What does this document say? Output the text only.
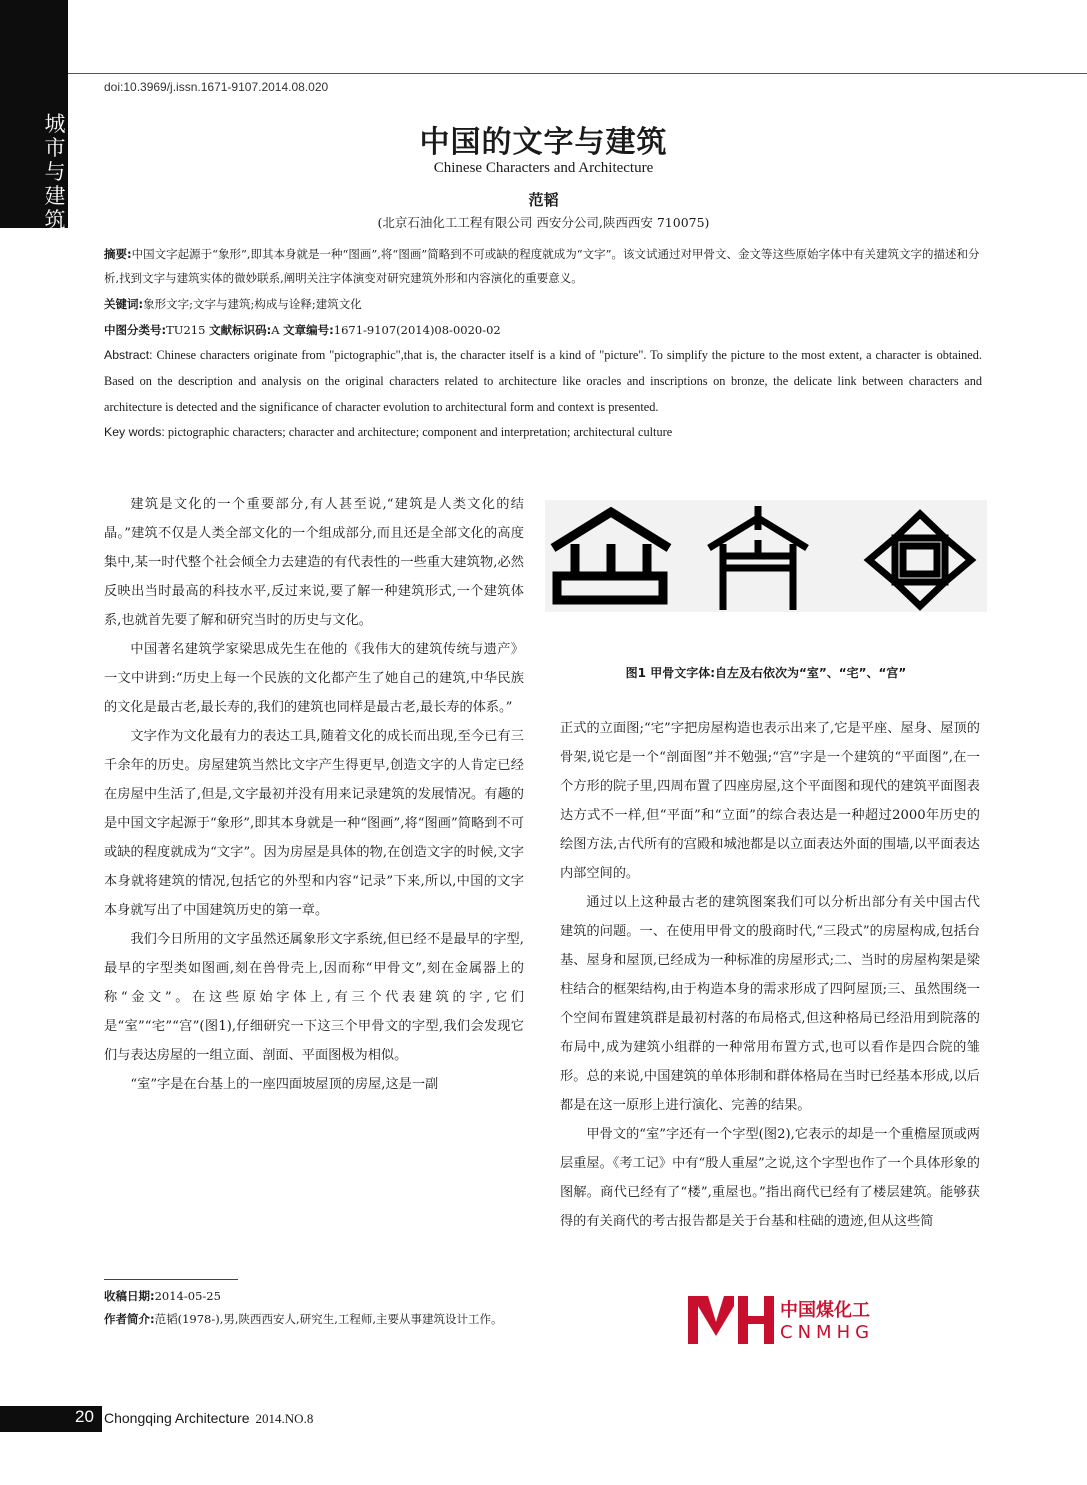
城市与建筑
doi:10.3969/j.issn.1671-9107.2014.08.020
中国的文字与建筑
Chinese Characters and Architecture
范韬
(北京石油化工工程有限公司 西安分公司,陕西西安 710075)
摘要:中国文字起源于“象形”,即其本身就是一种“图画”,将“图画”简略到不可或缺的程度就成为“文字”。该文试通过对甲骨文、金文等这些原始字体中有关建筑文字的描述和分析,找到文字与建筑实体的微妙联系,阐明关注字体演变对研究建筑外形和内容演化的重要意义。
关键词:象形文字;文字与建筑;构成与诠释;建筑文化
中图分类号:TU215 文献标识码:A 文章编号:1671-9107(2014)08-0020-02
Abstract: Chinese characters originate from "pictographic",that is, the character itself is a kind of "picture". To simplify the picture to the most extent, a character is obtained. Based on the description and analysis on the original characters related to architecture like oracles and inscriptions on bronze, the delicate link between characters and architecture is detected and the significance of character evolution to architectural form and context is presented.
Key words: pictographic characters; character and architecture; component and interpretation; architectural culture

建筑是文化的一个重要部分,有人甚至说,“建筑是人类文化的结晶。”建筑不仅是人类全部文化的一个组成部分,而且还是全部文化的高度集中,某一时代整个社会倾全力去建造的有代表性的一些重大建筑物,必然反映出当时最高的科技水平,反过来说,要了解一种建筑形式,一个建筑体系,也就首先要了解和研究当时的历史与文化。

中国著名建筑学家梁思成先生在他的《我伟大的建筑传统与遗产》一文中讲到:“历史上每一个民族的文化都产生了她自己的建筑,中华民族的文化是最古老,最长寿的,我们的建筑也同样是最古老,最长寿的体系。”

文字作为文化最有力的表达工具,随着文化的成长而出现,至今已有三千余年的历史。房屋建筑当然比文字产生得更早,创造文字的人肯定已经在房屋中生活了,但是,文字最初并没有用来记录建筑的发展情况。有趣的是中国文字起源于“象形”,即其本身就是一种“图画”,将“图画”简略到不可或缺的程度就成为“文字”。因为房屋是具体的物,在创造文字的时候,文字本身就将建筑的情况,包括它的外型和内容“记录”下来,所以,中国的文字本身就写出了中国建筑历史的第一章。

我们今日所用的文字虽然还属象形文字系统,但已经不是最早的字型,最早的字型类如图画,刻在兽骨壳上,因而称“甲骨文”,刻在金属器上的称“金文”。在这些原始字体上,有三个代表建筑的字,它们是“室”“宅”“宫”(图1),仔细研究一下这三个甲骨文的字型,我们会发现它们与表达房屋的一组立面、剖面、平面图极为相似。

“室”字是在台基上的一座四面坡屋顶的房屋,这是一副

图1 甲骨文字体:自左及右依次为“室”、“宅”、“宫”

正式的立面图;“宅”字把房屋构造也表示出来了,它是平座、屋身、屋顶的骨架,说它是一个“剖面图”并不勉强;“宫”字是一个建筑的“平面图”,在一个方形的院子里,四周布置了四座房屋,这个平面图和现代的建筑平面图表达方式不一样,但“平面”和“立面”的综合表达是一种超过2000年历史的绘图方法,古代所有的宫殿和城池都是以立面表达外面的围墙,以平面表达内部空间的。

通过以上这种最古老的建筑图案我们可以分析出部分有关中国古代建筑的问题。一、在使用甲骨文的殷商时代,“三段式”的房屋构成,包括台基、屋身和屋顶,已经成为一种标准的房屋形式;二、当时的房屋构架是梁柱结合的框架结构,由于构造本身的需求形成了四阿屋顶;三、虽然围绕一个空间布置建筑群是最初村落的布局格式,但这种格局已经沿用到院落的布局中,成为建筑小组群的一种常用布置方式,也可以看作是四合院的雏形。总的来说,中国建筑的单体形制和群体格局在当时已经基本形成,以后都是在这一原形上进行演化、完善的结果。

甲骨文的“室”字还有一个字型(图2),它表示的却是一个重檐屋顶或两层重屋。《考工记》中有“殷人重屋”之说,这个字型也作了一个具体形象的图解。商代已经有了“楼”,重屋也。”指出商代已经有了楼层建筑。能够获得的有关商代的考古报告都是关于台基和柱础的遗迹,但从这些简

收稿日期:2014-05-25
作者简介:范韬(1978-),男,陕西西安人,研究生,工程师,主要从事建筑设计工作。	中国煤化工
CNMHG
20 Chongqing Architecture 2014.NO.8
